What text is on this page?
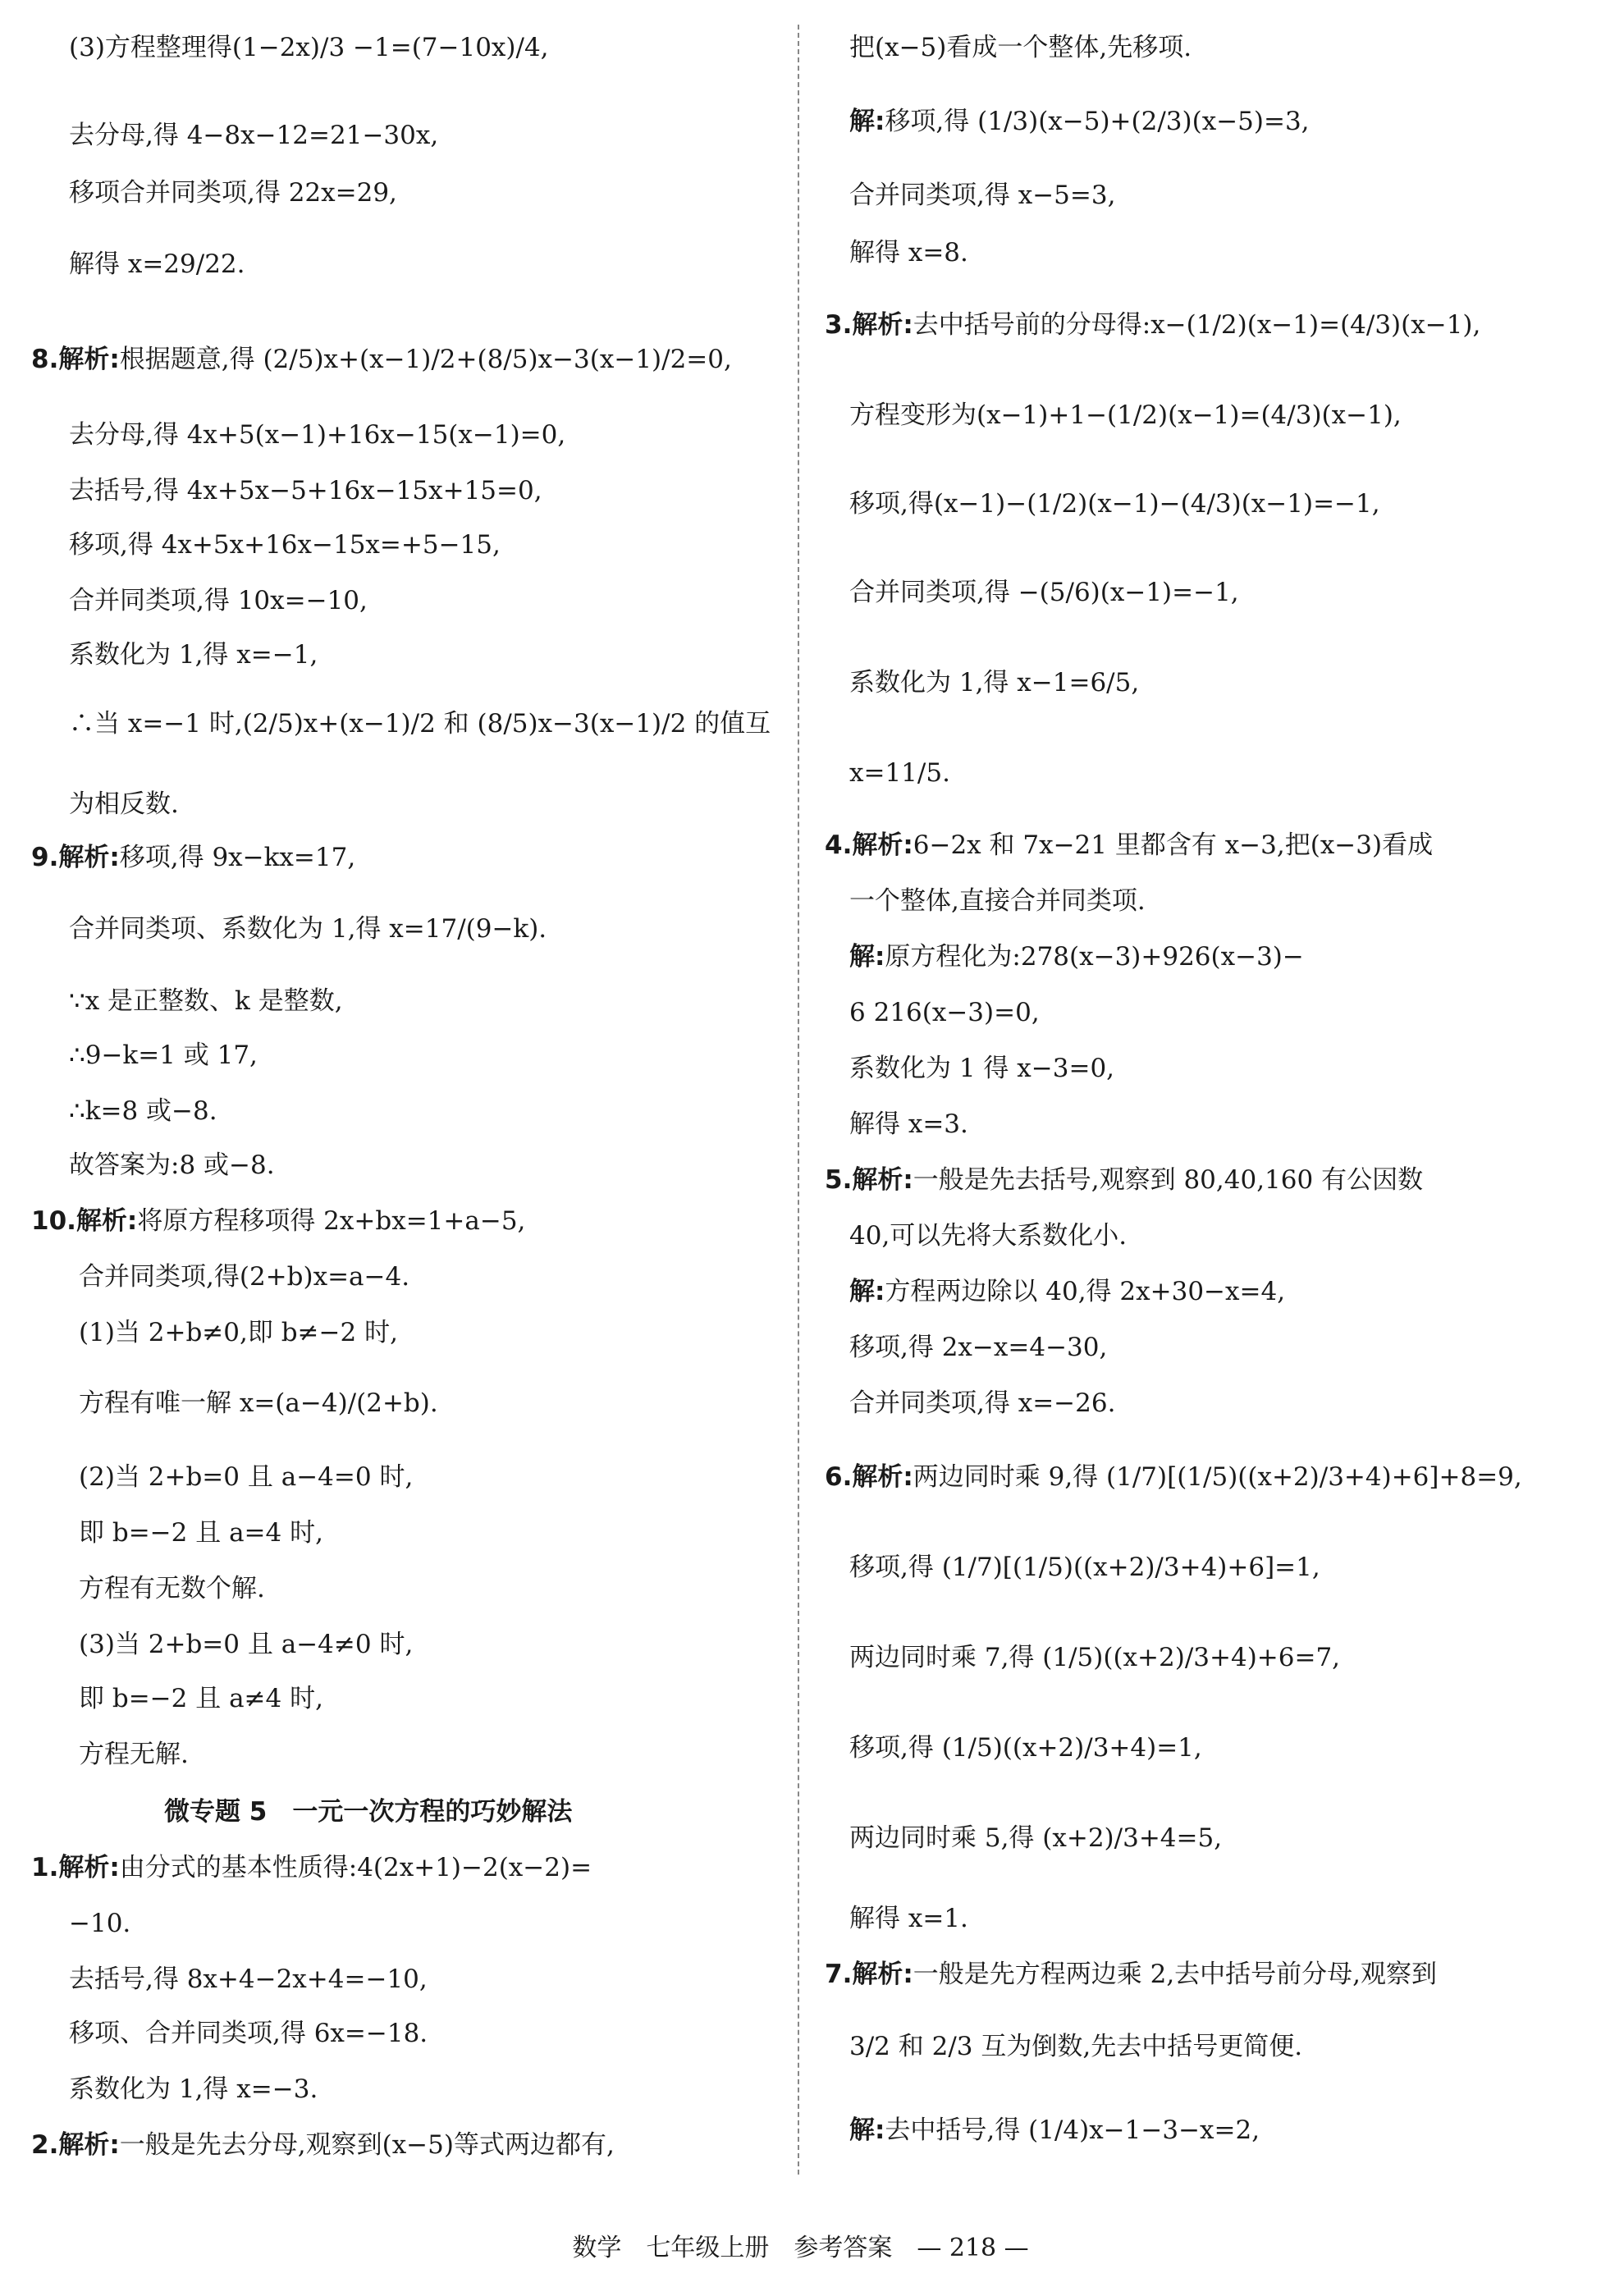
(3)方程整理得(1−2x)/3 −1=(7−10x)/4,
去分母,得 4−8x−12=21−30x,
移项合并同类项,得 22x=29,
解得 x=29/22.
8.解析:根据题意,得 (2/5)x+(x−1)/2+(8/5)x−3(x−1)/2=0,
去分母,得 4x+5(x−1)+16x−15(x−1)=0,
去括号,得 4x+5x−5+16x−15x+15=0,
移项,得 4x+5x+16x−15x=+5−15,
合并同类项,得 10x=−10,
系数化为 1,得 x=−1,
∴当 x=−1 时,(2/5)x+(x−1)/2 和 (8/5)x−3(x−1)/2 的值互
为相反数.
9.解析:移项,得 9x−kx=17,
合并同类项、系数化为 1,得 x=17/(9−k).
∵x 是正整数、k 是整数,
∴9−k=1 或 17,
∴k=8 或−8.
故答案为:8 或−8.
10.解析:将原方程移项得 2x+bx=1+a−5,
合并同类项,得(2+b)x=a−4.
(1)当 2+b≠0,即 b≠−2 时,
方程有唯一解 x=(a−4)/(2+b).
(2)当 2+b=0 且 a−4=0 时,
即 b=−2 且 a=4 时,
方程有无数个解.
(3)当 2+b=0 且 a−4≠0 时,
即 b=−2 且 a≠4 时,
方程无解.
微专题 5　一元一次方程的巧妙解法
1.解析:由分式的基本性质得:4(2x+1)−2(x−2)=
−10.
去括号,得 8x+4−2x+4=−10,
移项、合并同类项,得 6x=−18.
系数化为 1,得 x=−3.
2.解析:一般是先去分母,观察到(x−5)等式两边都有,
把(x−5)看成一个整体,先移项.
解:移项,得 (1/3)(x−5)+(2/3)(x−5)=3,
合并同类项,得 x−5=3,
解得 x=8.
3.解析:去中括号前的分母得:x−(1/2)(x−1)=(4/3)(x−1),
方程变形为(x−1)+1−(1/2)(x−1)=(4/3)(x−1),
移项,得(x−1)−(1/2)(x−1)−(4/3)(x−1)=−1,
合并同类项,得 −(5/6)(x−1)=−1,
系数化为 1,得 x−1=6/5,
x=11/5.
4.解析:6−2x 和 7x−21 里都含有 x−3,把(x−3)看成
一个整体,直接合并同类项.
解:原方程化为:278(x−3)+926(x−3)−
6 216(x−3)=0,
系数化为 1 得 x−3=0,
解得 x=3.
5.解析:一般是先去括号,观察到 80,40,160 有公因数
40,可以先将大系数化小.
解:方程两边除以 40,得 2x+30−x=4,
移项,得 2x−x=4−30,
合并同类项,得 x=−26.
6.解析:两边同时乘 9,得 (1/7)[(1/5)((x+2)/3+4)+6]+8=9,
移项,得 (1/7)[(1/5)((x+2)/3+4)+6]=1,
两边同时乘 7,得 (1/5)((x+2)/3+4)+6=7,
移项,得 (1/5)((x+2)/3+4)=1,
两边同时乘 5,得 (x+2)/3+4=5,
解得 x=1.
7.解析:一般是先方程两边乘 2,去中括号前分母,观察到
3/2 和 2/3 互为倒数,先去中括号更简便.
解:去中括号,得 (1/4)x−1−3−x=2,
数学　七年级上册　参考答案　— 218 —
